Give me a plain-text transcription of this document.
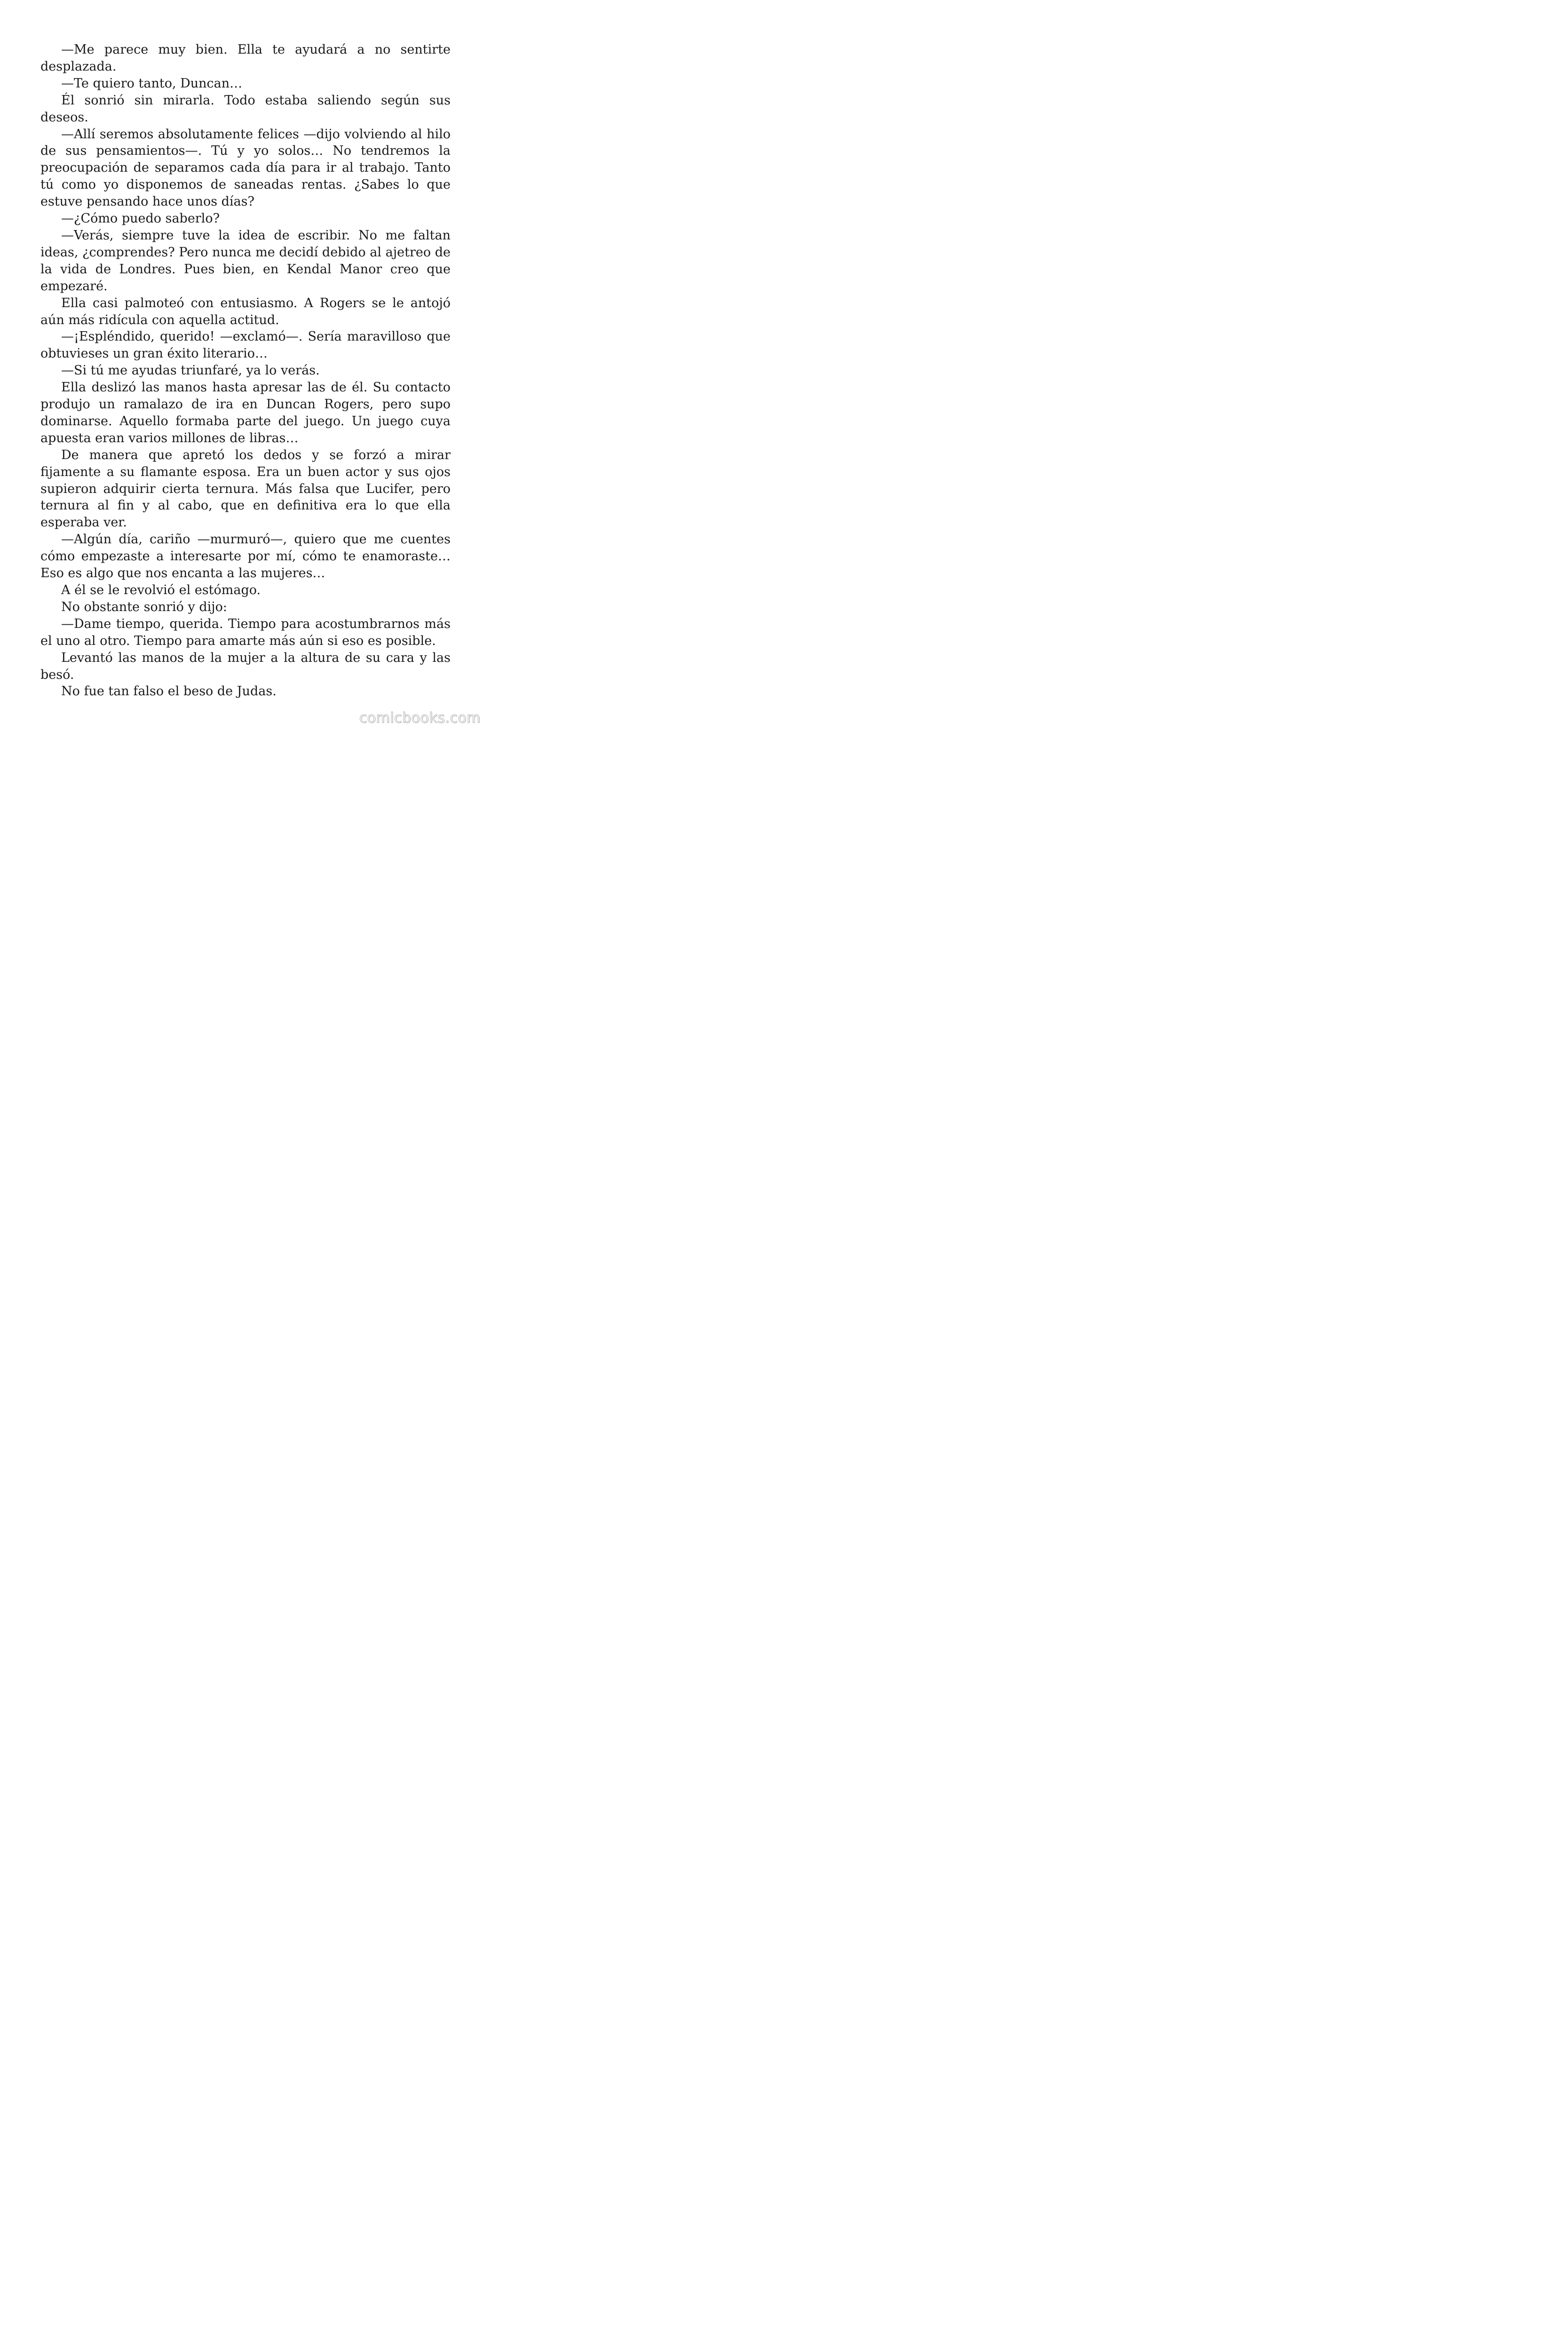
—Me parece muy bien. Ella te ayudará a no sentirte desplazada.

—Te quiero tanto, Duncan…

Él sonrió sin mirarla. Todo estaba saliendo según sus deseos.

—Allí seremos absolutamente felices —dijo volviendo al hilo de sus pensamientos—. Tú y yo solos… No tendremos la preocupación de separamos cada día para ir al trabajo. Tanto tú como yo disponemos de saneadas rentas. ¿Sabes lo que estuve pensando hace unos días?

—¿Cómo puedo saberlo?

—Verás, siempre tuve la idea de escribir. No me faltan ideas, ¿comprendes? Pero nunca me decidí debido al ajetreo de la vida de Londres. Pues bien, en Kendal Manor creo que empezaré.

Ella casi palmoteó con entusiasmo. A Rogers se le antojó aún más ridícula con aquella actitud.

—¡Espléndido, querido! —exclamó—. Sería maravilloso que obtuvieses un gran éxito literario…

—Si tú me ayudas triunfaré, ya lo verás.

Ella deslizó las manos hasta apresar las de él. Su contacto produjo un ramalazo de ira en Duncan Rogers, pero supo dominarse. Aquello formaba parte del juego. Un juego cuya apuesta eran varios millones de libras…

De manera que apretó los dedos y se forzó a mirar fijamente a su flamante esposa. Era un buen actor y sus ojos supieron adquirir cierta ternura. Más falsa que Lucifer, pero ternura al fin y al cabo, que en definitiva era lo que ella esperaba ver.

—Algún día, cariño —murmuró—, quiero que me cuentes cómo empezaste a interesarte por mí, cómo te enamoraste… Eso es algo que nos encanta a las mujeres…

A él se le revolvió el estómago.

No obstante sonrió y dijo:

—Dame tiempo, querida. Tiempo para acostumbrarnos más el uno al otro. Tiempo para amarte más aún si eso es posible.

Levantó las manos de la mujer a la altura de su cara y las besó.

No fue tan falso el beso de Judas.

comicbooks.com
